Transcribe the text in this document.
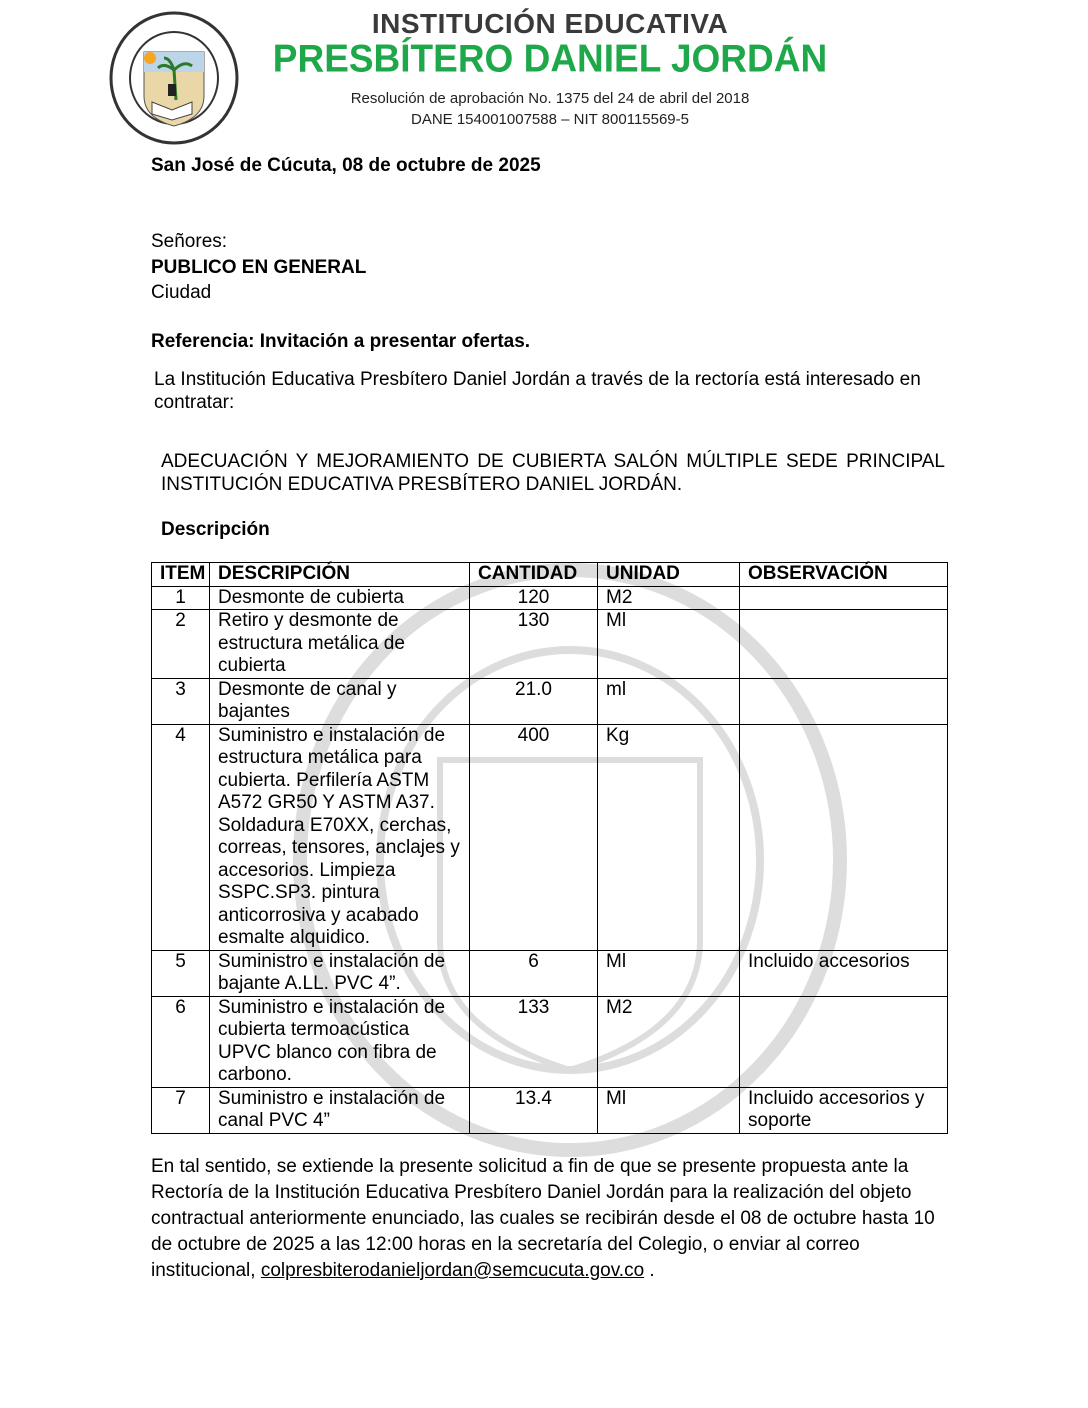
INSTITUCIÓN EDUCATIVA
PRESBÍTERO DANIEL JORDÁN
Resolución de aprobación No. 1375 del 24 de abril del 2018
DANE 154001007588 – NIT 800115569-5
San José de Cúcuta, 08 de octubre de 2025
Señores:
PUBLICO EN GENERAL
Ciudad
Referencia: Invitación a presentar ofertas.
La Institución Educativa Presbítero Daniel Jordán a través de la rectoría está interesado en contratar:
ADECUACIÓN Y MEJORAMIENTO DE CUBIERTA SALÓN MÚLTIPLE SEDE PRINCIPAL INSTITUCIÓN EDUCATIVA PRESBÍTERO DANIEL JORDÁN.
Descripción
ITEM	DESCRIPCIÓN	CANTIDAD	UNIDAD	OBSERVACIÓN
1	Desmonte de cubierta	120	M2	
2	Retiro y desmonte de estructura metálica de cubierta	130	Ml	
3	Desmonte de canal y bajantes	21.0	ml	
4	Suministro e instalación de estructura metálica para cubierta. Perfilería ASTM A572 GR50 Y ASTM A37. Soldadura E70XX, cerchas, correas, tensores, anclajes y accesorios. Limpieza SSPC.SP3. pintura anticorrosiva y acabado esmalte alquidico.	400	Kg	
5	Suministro e instalación de bajante A.LL. PVC 4”.	6	Ml	Incluido accesorios
6	Suministro e instalación de cubierta termoacústica UPVC blanco con fibra de carbono.	133	M2	
7	Suministro e instalación de canal PVC 4”	13.4	Ml	Incluido accesorios y soporte
En tal sentido, se extiende la presente solicitud a fin de que se presente propuesta ante la Rectoría de la Institución Educativa Presbítero Daniel Jordán para la realización del objeto contractual anteriormente enunciado, las cuales se recibirán desde el 08 de octubre hasta 10 de octubre de 2025 a las 12:00 horas en la secretaría del Colegio, o enviar al correo institucional, colpresbiterodanieljordan@semcucuta.gov.co .
